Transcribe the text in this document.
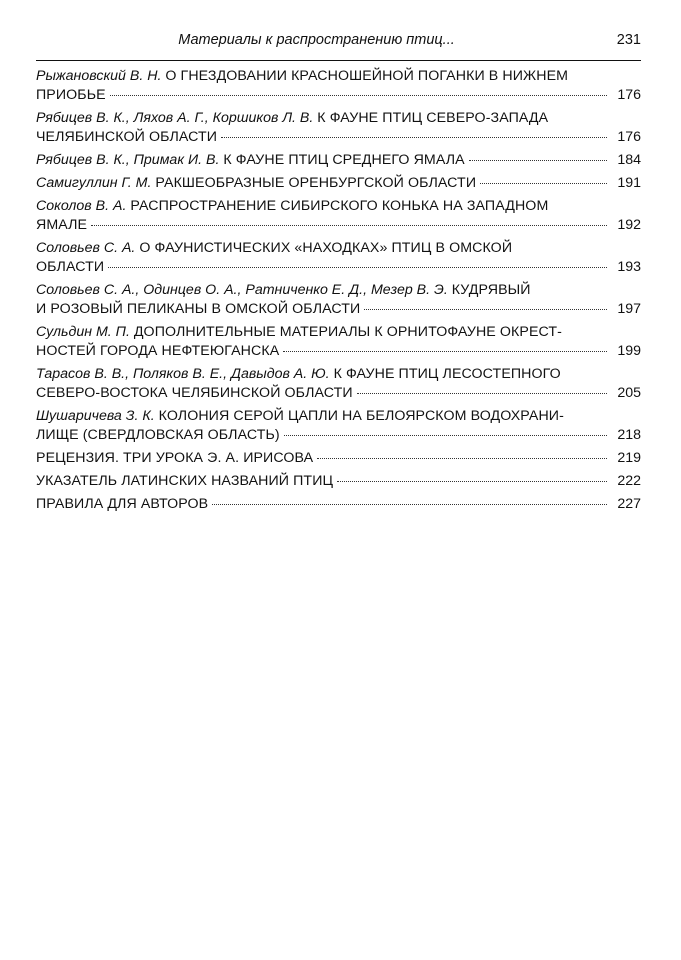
Материалы к распространению птиц...	231
Рыжановский В. Н. О ГНЕЗДОВАНИИ КРАСНОШЕЙНОЙ ПОГАНКИ В НИЖНЕМ
ПРИОБЬЕ	176
Рябицев В. К., Ляхов А. Г., Коршиков Л. В. К ФАУНЕ ПТИЦ СЕВЕРО-ЗАПАДА
ЧЕЛЯБИНСКОЙ ОБЛАСТИ	176
Рябицев В. К., Примак И. В. К ФАУНЕ ПТИЦ СРЕДНЕГО ЯМАЛА	184
Самигуллин Г. М. РАКШЕОБРАЗНЫЕ ОРЕНБУРГСКОЙ ОБЛАСТИ	191
Соколов В. А. РАСПРОСТРАНЕНИЕ СИБИРСКОГО КОНЬКА НА ЗАПАДНОМ
ЯМАЛЕ	192
Соловьев С. А. О ФАУНИСТИЧЕСКИХ «НАХОДКАХ» ПТИЦ В ОМСКОЙ
ОБЛАСТИ	193
Соловьев С. А., Одинцев О. А., Ратниченко Е. Д., Мезер В. Э. КУДРЯВЫЙ
И РОЗОВЫЙ ПЕЛИКАНЫ В ОМСКОЙ ОБЛАСТИ	197
Сульдин М. П. ДОПОЛНИТЕЛЬНЫЕ МАТЕРИАЛЫ К ОРНИТОФАУНЕ ОКРЕСТ-
НОСТЕЙ ГОРОДА НЕФТЕЮГАНСКА	199
Тарасов В. В., Поляков В. Е., Давыдов А. Ю. К ФАУНЕ ПТИЦ ЛЕСОСТЕПНОГО
СЕВЕРО-ВОСТОКА ЧЕЛЯБИНСКОЙ ОБЛАСТИ	205
Шушаричева З. К. КОЛОНИЯ СЕРОЙ ЦАПЛИ НА БЕЛОЯРСКОМ ВОДОХРАНИ-
ЛИЩЕ (СВЕРДЛОВСКАЯ ОБЛАСТЬ)	218
РЕЦЕНЗИЯ. ТРИ УРОКА Э. А. ИРИСОВА	219
УКАЗАТЕЛЬ ЛАТИНСКИХ НАЗВАНИЙ ПТИЦ	222
ПРАВИЛА ДЛЯ АВТОРОВ	227
